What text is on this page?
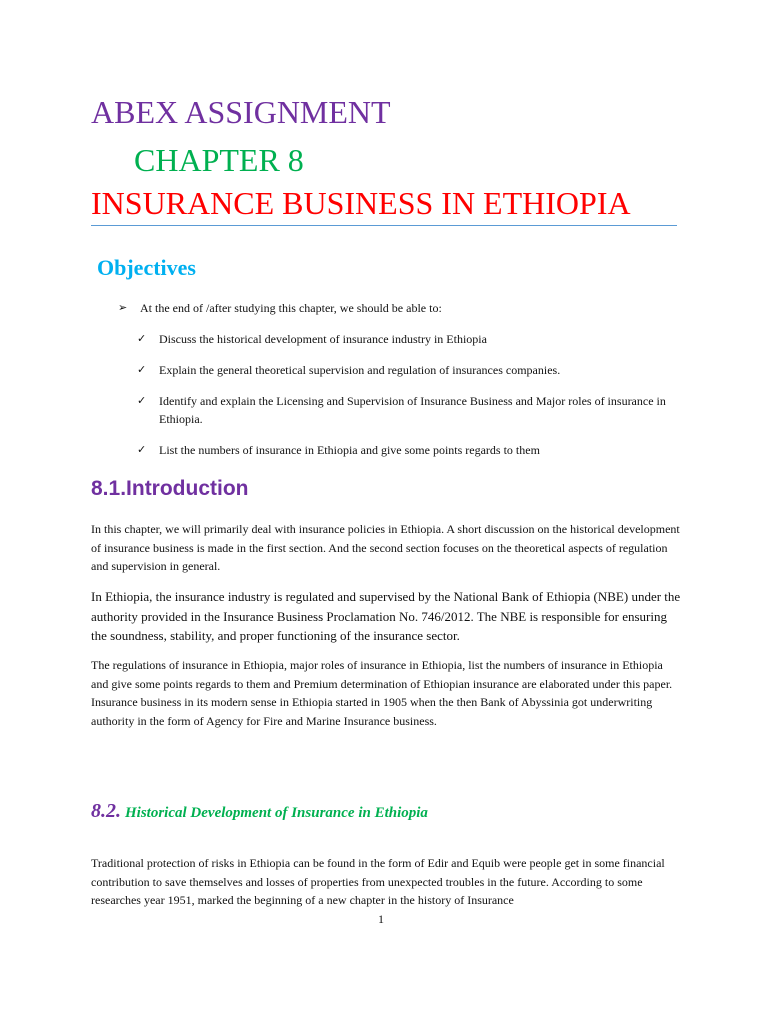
ABEX ASSIGNMENT
CHAPTER 8
INSURANCE BUSINESS IN ETHIOPIA
Objectives
➢ At the end of /after studying this chapter, we should be able to:
✓ Discuss the historical development of insurance industry in Ethiopia
✓ Explain the general theoretical supervision and regulation of insurances companies.
✓ Identify and explain the Licensing and Supervision of Insurance Business and Major roles of insurance in Ethiopia.
✓ List the numbers of insurance in Ethiopia and give some points regards to them
8.1.Introduction
In this chapter, we will primarily deal with insurance policies in Ethiopia. A short discussion on the historical development of insurance business is made in the first section. And the second section focuses on the theoretical aspects of regulation and supervision in general.
In Ethiopia, the insurance industry is regulated and supervised by the National Bank of Ethiopia (NBE) under the authority provided in the Insurance Business Proclamation No. 746/2012. The NBE is responsible for ensuring the soundness, stability, and proper functioning of the insurance sector.
The regulations of insurance in Ethiopia, major roles of insurance in Ethiopia, list the numbers of insurance in Ethiopia and give some points regards to them and Premium determination of Ethiopian insurance are elaborated under this paper. Insurance business in its modern sense in Ethiopia started in 1905 when the then Bank of Abyssinia got underwriting authority in the form of Agency for Fire and Marine Insurance business.
8.2. Historical Development of Insurance in Ethiopia
Traditional protection of risks in Ethiopia can be found in the form of Edir and Equib were people get in some financial contribution to save themselves and losses of properties from unexpected troubles in the future. According to some researches year 1951, marked the beginning of a new chapter in the history of Insurance
1
